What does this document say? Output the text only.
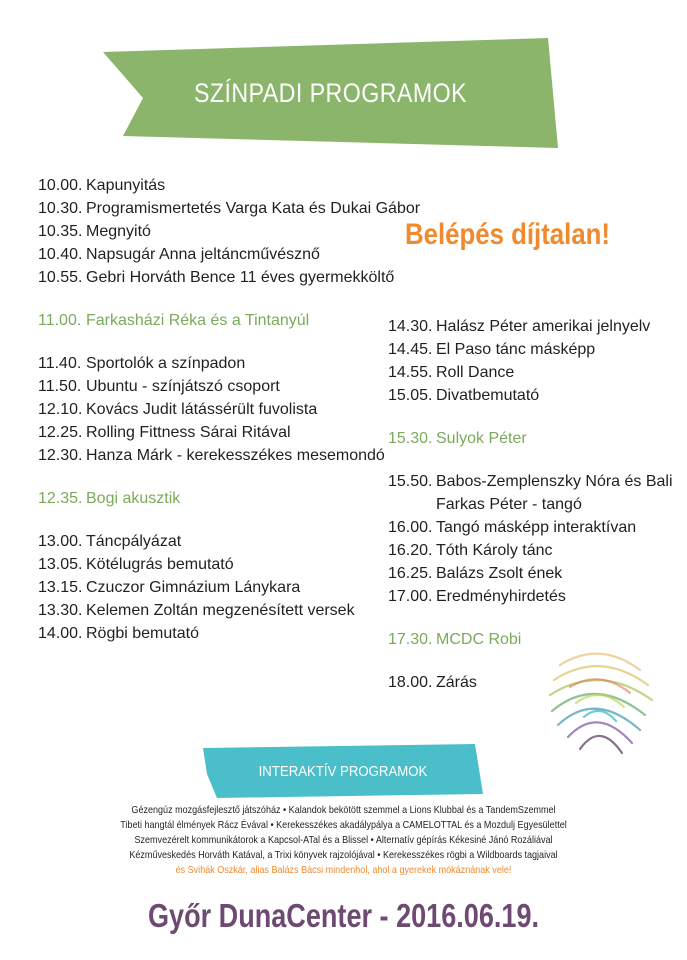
SZÍNPADI PROGRAMOK
Belépés díjtalan!
10.00. Kapunyitás
10.30. Programismertetés Varga Kata és Dukai Gábor
10.35. Megnyitó
10.40. Napsugár Anna jeltáncművésznő
10.55. Gebri Horváth Bence 11 éves gyermekköltő
11.00. Farkasházi Réka és a Tintanyúl
11.40. Sportolók a színpadon
11.50. Ubuntu - színjátszó csoport
12.10. Kovács Judit látássérült fuvolista
12.25. Rolling Fittness Sárai Ritával
12.30. Hanza Márk - kerekesszékes mesemondó
12.35. Bogi akusztik
13.00. Táncpályázat
13.05. Kötélugrás bemutató
13.15. Czuczor Gimnázium Lánykara
13.30. Kelemen Zoltán megzenésített versek
14.00. Rögbi bemutató
14.30. Halász Péter amerikai jelnyelv
14.45. El Paso tánc másképp
14.55. Roll Dance
15.05. Divatbemutató
15.30. Sulyok Péter
15.50. Babos-Zemplenszky Nóra és Bali
Farkas Péter - tangó
16.00. Tangó másképp interaktívan
16.20. Tóth Károly tánc
16.25. Balázs Zsolt ének
17.00. Eredményhirdetés
17.30. MCDC Robi
18.00. Zárás
INTERAKTÍV PROGRAMOK
Gézengúz mozgásfejlesztő játszóház • Kalandok bekötött szemmel a Lions Klubbal és a TandemSzemmel
Tibeti hangtál élmények Rácz Évával • Kerekesszékes akadálypálya a CAMELOTTAL és a Mozdulj Egyesülettel
Szemvezérelt kommunikátorok a Kapcsol-ATal és a Blissel • Alternatív gépírás Kékesiné Jánó Rozáliával
Kézműveskedés Horváth Katával, a Trixi könyvek rajzolójával • Kerekesszékes rögbi a Wildboards tagjaival
és Svihák Oszkár, alias Balázs Bácsi mindenhol, ahol a gyerekek mókáznának vele!
Győr DunaCenter - 2016.06.19.
